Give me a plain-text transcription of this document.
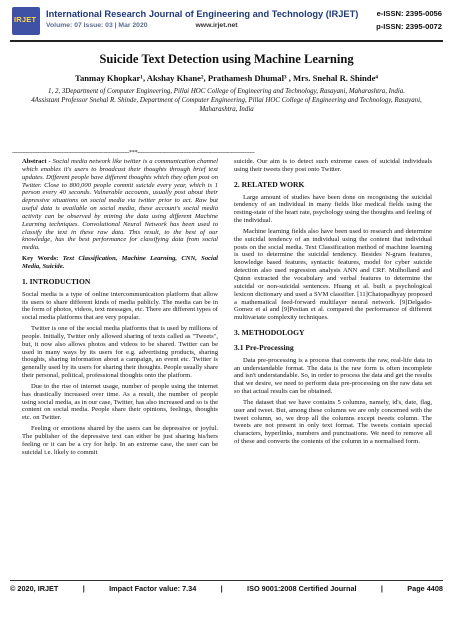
IRJET
International Research Journal of Engineering and Technology (IRJET)
Volume: 07 Issue: 03 | Mar 2020	www.irjet.net
e-ISSN: 2395-0056
p-ISSN: 2395-0072
Suicide Text Detection using Machine Learning
Tanmay Khopkar¹, Akshay Khane², Prathamesh Dhumal³ , Mrs. Snehal R. Shinde⁴

1, 2, 3Department of Computer Engineering, Pillai HOC College of Engineering and Technology, Rasayani, Maharashtra, India.

4Assistant Professor Snehal R. Shinde, Department of Computer Engineering, Pillai HOC College of Engineering and Technology, Rasayani, Maharashtra, India

---------------------------------------------------------------------***---------------------------------------------------------------------

Abstract - Social media network like twitter is a communication channel which enables it's users to broadcast their thoughts through brief text updates. Different people have different thoughts which they often post on Twitter. Close to 800,000 people commit suicide every year, which is 1 person every 40 seconds. Vulnerable accounts, usually post about their depressive situations on social media via twitter prior to act. Raw but useful data is available on social media, these account's social media activity can be observed by mining the data using different Machine Learning techniques. Convolutional Neural Network has been used to classify the text in these raw data. This result, to the best of our knowledge, has the best performance for classifying data from social media.

Key Words: Text Classification, Machine Learning, CNN, Social Media, Suicide.

1. INTRODUCTION

Social media is a type of online intercommunication platform that allow its users to share different kinds of media publicly. The media can be in the form of photos, videos, text messages, etc. There are different types of social media platforms that are very popular.

Twitter is one of the social media platforms that is used by millions of people. Initially, Twitter only allowed sharing of texts called as "Tweets", but, it now also allows photos and videos to be shared. Twitter can be used in many ways by its users for e.g. advertising products, sharing thoughts, sharing information about a campaign, an event etc. Twitter is generally used by its users for sharing their thoughts. People usually share their personal, political, professional thoughts onto the platform.

Due to the rise of internet usage, number of people using the internet has drastically increased over time. As a result, the number of people using social media, as in our case, Twitter, has also increased and so is the content on social media. People share their opinions, feelings, thoughts etc. on Twitter.

Feeling or emotions shared by the users can be depressive or joyful. The publisher of the depressive text can either be just sharing his/hers feeling or it can be a cry for help. In an extreme case, the user can be suicidal i.e. likely to commit

suicide. Our aim is to detect such extreme cases of suicidal individuals using their tweets they post onto Twitter.

2. RELATED WORK

Large amount of studies have been done on recognising the suicidal tendency of an individual in many fields like medical fields using the resting-state of the heart rate, psychology using the thoughts and feeling of the individual.

Machine learning fields also have been used to research and determine the suicidal tendency of an individual using the content that individual posts on the social media. Text Classification method of machine learning is used to determine the suicidal tendency. Besides N-gram features, knowledge based features, syntactic features, model for cyber suicide detection also used regression analysis ANN and CRF. Mulholland and Quinn extracted the vocabulary and verbal features to determine the suicidal or non-suicidal sentences. Huang et al. built a psychological lexicon dictionary and used a SVM classifier. [11]Chatopadhyay proposed a mathematical feed-forward multilayer neural network. [9]Delgado-Gomez et al and [9]Pestian et al. compared the performance of different multivariate complexity techniques.

3. METHODOLOGY
3.1 Pre-Processing

Data pre-processing is a process that converts the raw, real-life data in an understandable format. The data is the raw form is often incomplete and isn't understandable. So, in order to process the data and get the results that we desire, we need to perform data pre-processing on the raw data set so that actual results can be obtained.

The dataset that we have contains 5 columns, namely, id's, date, flag, user and tweet. But, among these columns we are only concerned with the tweet column, so, we drop all the columns except tweets column. The tweets are not present in only text format. The tweets contain special characters, hyperlinks, numbers and punctuations. We need to remove all of these and converts the contents of the column in a normalised form.

© 2020, IRJET	|	Impact Factor value: 7.34	|	ISO 9001:2008 Certified Journal	|	Page 4408
